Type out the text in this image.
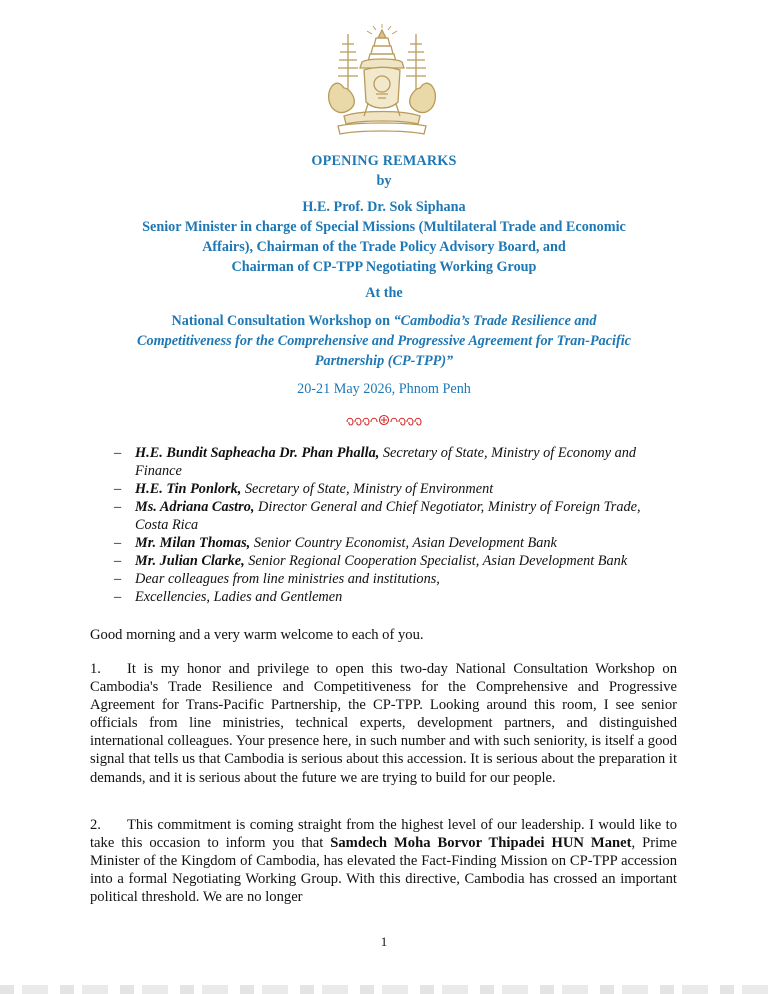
OPENING REMARKS
by
H.E. Prof. Dr. Sok Siphana
Senior Minister in charge of Special Missions (Multilateral Trade and Economic
Affairs), Chairman of the Trade Policy Advisory Board, and
Chairman of CP-TPP Negotiating Working Group
At the
National Consultation Workshop on “Cambodia’s Trade Resilience and
Competitiveness for the Comprehensive and Progressive Agreement for Tran-Pacific
Partnership (CP-TPP)”
20-21 May 2026, Phnom Penh
– H.E. Bundit Sapheacha Dr. Phan Phalla, Secretary of State, Ministry of Economy and Finance
– H.E. Tin Ponlork, Secretary of State, Ministry of Environment
– Ms. Adriana Castro, Director General and Chief Negotiator, Ministry of Foreign Trade, Costa Rica
– Mr. Milan Thomas, Senior Country Economist, Asian Development Bank
– Mr. Julian Clarke, Senior Regional Cooperation Specialist, Asian Development Bank
– Dear colleagues from line ministries and institutions,
– Excellencies, Ladies and Gentlemen
Good morning and a very warm welcome to each of you.
1. It is my honor and privilege to open this two-day National Consultation Workshop on Cambodia's Trade Resilience and Competitiveness for the Comprehensive and Progressive Agreement for Trans-Pacific Partnership, the CP-TPP. Looking around this room, I see senior officials from line ministries, technical experts, development partners, and distinguished international colleagues. Your presence here, in such number and with such seniority, is itself a good signal that tells us that Cambodia is serious about this accession. It is serious about the preparation it demands, and it is serious about the future we are trying to build for our people.
2. This commitment is coming straight from the highest level of our leadership. I would like to take this occasion to inform you that Samdech Moha Borvor Thipadei HUN Manet, Prime Minister of the Kingdom of Cambodia, has elevated the Fact-Finding Mission on CP-TPP accession into a formal Negotiating Working Group. With this directive, Cambodia has crossed an important political threshold. We are no longer
1
